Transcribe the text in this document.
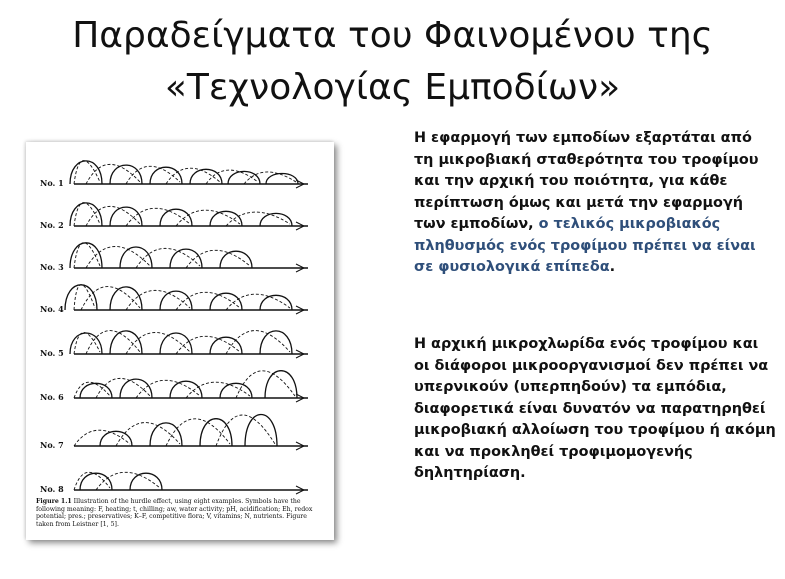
Παραδείγματα του Φαινομένου της
«Τεχνολογίας Εμποδίων»
No. 1
No. 2
No. 3
No. 4
No. 5
No. 6
No. 7
No. 8

Figure 1.1 Illustration of the hurdle effect, using eight examples. Symbols have the following meaning: F, heating; t, chilling; aw, water activity; pH, acidification; Eh, redox potential; pres.; preservatives; K–F, competitive flora; V, vitamins; N, nutrients. Figure taken from Leistner [1, 5].

Η εφαρμογή των εμποδίων εξαρτάται από τη μικροβιακή σταθερότητα του τροφίμου και την αρχική του ποιότητα, για κάθε περίπτωση όμως και μετά την εφαρμογή των εμποδίων, ο τελικός μικροβιακός πληθυσμός ενός τροφίμου πρέπει να είναι σε φυσιολογικά επίπεδα.

Η αρχική μικροχλωρίδα ενός τροφίμου και οι διάφοροι μικροοργανισμοί δεν πρέπει να υπερνικούν (υπερπηδούν) τα εμπόδια, διαφορετικά είναι δυνατόν να παρατηρηθεί μικροβιακή αλλοίωση του τροφίμου ή ακόμη και να προκληθεί τροφιμομογενής δηλητηρίαση.
